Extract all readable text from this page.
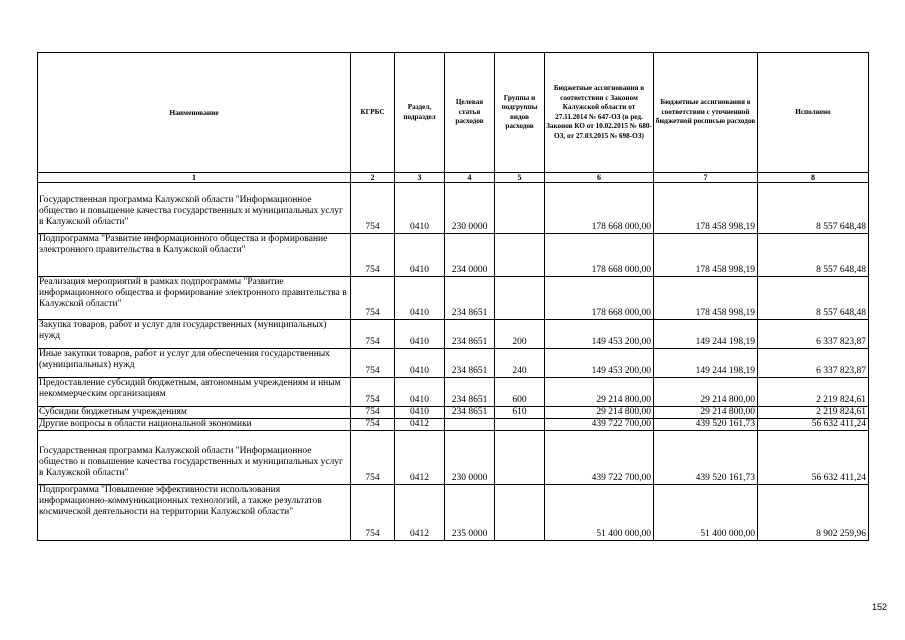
Наименование	КГРБС	Раздел, подраздел	Целевая статья расходов	Группы и подгруппы видов расходов	Бюджетные ассигнования в соответствии с Законом Калужской области от 27.11.2014 № 647-ОЗ (в ред. Законов КО от 10.02.2015 № 680-ОЗ, от 27.03.2015 № 698-ОЗ)	Бюджетные ассигнования в соответствии с уточненной бюджетной росписью расходов	Исполнено
1	2	3	4	5	6	7	8
Государственная программа Калужской области "Информационное общество и повышение качества государственных и муниципальных услуг в Калужской области"	754	0410	230 0000		178 668 000,00	178 458 998,19	8 557 648,48
Подпрограмма "Развитие информационного общества и формирование электронного правительства в Калужской области"	754	0410	234 0000		178 668 000,00	178 458 998,19	8 557 648,48
Реализация мероприятий в рамках подпрограммы "Развитие информационного общества и формирование электронного правительства в Калужской области"	754	0410	234 8651		178 668 000,00	178 458 998,19	8 557 648,48
Закупка товаров, работ и услуг для государственных (муниципальных) нужд	754	0410	234 8651	200	149 453 200,00	149 244 198,19	6 337 823,87
Иные закупки товаров, работ и услуг для обеспечения государственных (муниципальных) нужд	754	0410	234 8651	240	149 453 200,00	149 244 198,19	6 337 823,87
Предоставление субсидий бюджетным, автономным учреждениям и иным некоммерческим организациям	754	0410	234 8651	600	29 214 800,00	29 214 800,00	2 219 824,61
Субсидии бюджетным учреждениям	754	0410	234 8651	610	29 214 800,00	29 214 800,00	2 219 824,61
Другие вопросы в области национальной экономики	754	0412			439 722 700,00	439 520 161,73	56 632 411,24
Государственная программа Калужской области "Информационное общество и повышение качества государственных и муниципальных услуг в Калужской области"	754	0412	230 0000		439 722 700,00	439 520 161,73	56 632 411,24
Подпрограмма "Повышение эффективности использования информационно-коммуникационных технологий, а также результатов космической деятельности на территории Калужской области"	754	0412	235 0000		51 400 000,00	51 400 000,00	8 902 259,96
152
